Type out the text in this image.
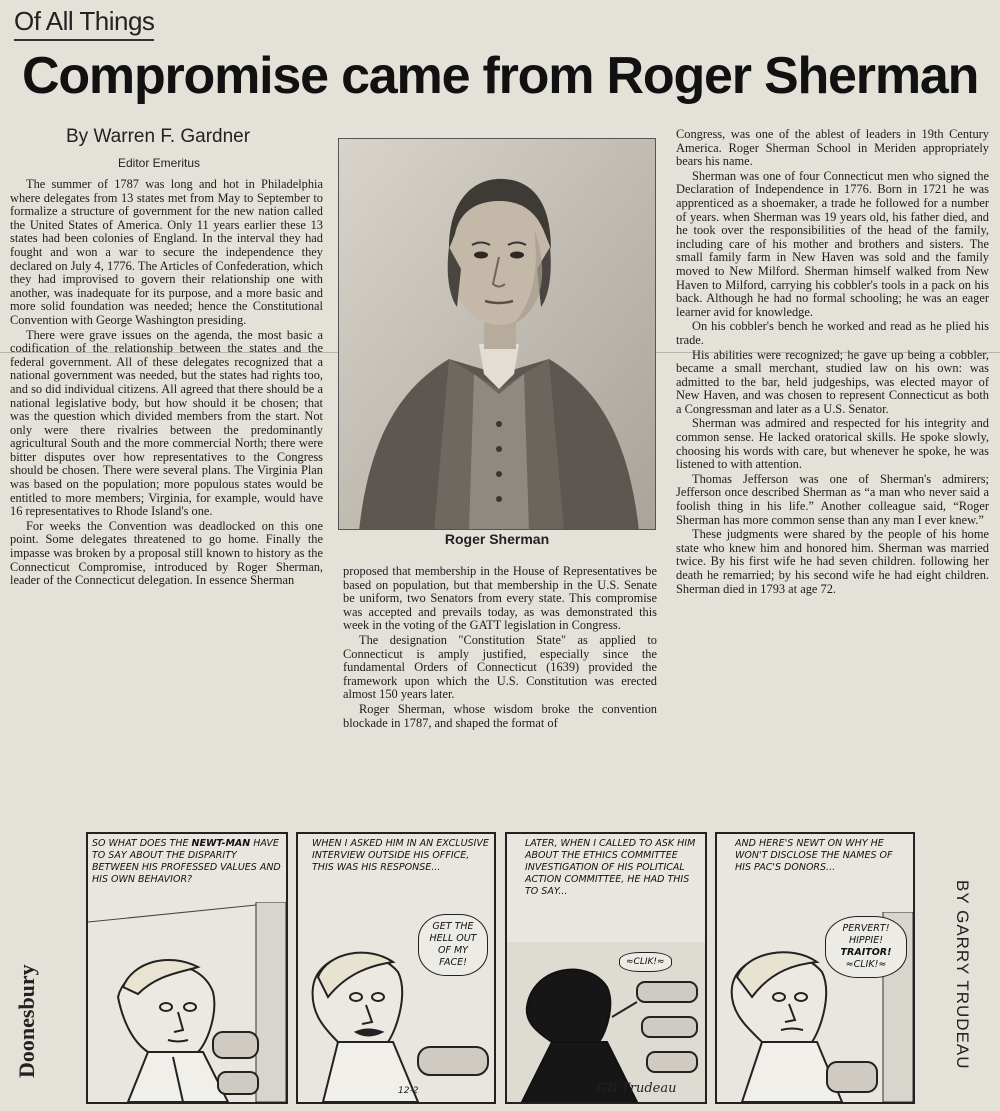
Of All Things
Compromise came from Roger Sherman
By Warren F. Gardner
Editor Emeritus

The summer of 1787 was long and hot in Philadelphia where delegates from 13 states met from May to September to formalize a structure of government for the new nation called the United States of America. Only 11 years earlier these 13 states had been colonies of England. In the interval they had fought and won a war to secure the independence they declared on July 4, 1776. The Articles of Confederation, which they had improvised to govern their relationship one with another, was inadequate for its purpose, and a more basic and more solid foundation was needed; hence the Constitutional Convention with George Washington presiding.

There were grave issues on the agenda, the most basic a codification of the relationship between the states and the federal government. All of these delegates recognized that a national government was needed, but the states had rights too, and so did individual citizens. All agreed that there should be a national legislative body, but how should it be chosen; that was the question which divided members from the start. Not only were there rivalries between the predominantly agricultural South and the more commercial North; there were bitter disputes over how representatives to the Congress should be chosen. There were several plans. The Virginia Plan was based on the population; more populous states would be entitled to more members; Virginia, for example, would have 16 representatives to Rhode Island's one.

For weeks the Convention was deadlocked on this one point. Some delegates threatened to go home. Finally the impasse was broken by a proposal still known to history as the Connecticut Compromise, introduced by Roger Sherman, leader of the Connecticut delegation. In essence Sherman

Roger Sherman

proposed that membership in the House of Representatives be based on population, but that membership in the U.S. Senate be uniform, two Senators from every state. This compromise was accepted and prevails today, as was demonstrated this week in the voting of the GATT legislation in Congress.

The designation "Constitution State" as applied to Connecticut is amply justified, especially since the fundamental Orders of Connecticut (1639) provided the framework upon which the U.S. Constitution was erected almost 150 years later.

Roger Sherman, whose wisdom broke the convention blockade in 1787, and shaped the format of

Congress, was one of the ablest of leaders in 19th Century America. Roger Sherman School in Meriden appropriately bears his name.

Sherman was one of four Connecticut men who signed the Declaration of Independence in 1776. Born in 1721 he was apprenticed as a shoemaker, a trade he followed for a number of years. when Sherman was 19 years old, his father died, and he took over the responsibilities of the head of the family, including care of his mother and brothers and sisters. The small family farm in New Haven was sold and the family moved to New Milford. Sherman himself walked from New Haven to Milford, carrying his cobbler's tools in a pack on his back. Although he had no formal schooling; he was an eager learner avid for knowledge.

On his cobbler's bench he worked and read as he plied his trade.

His abilities were recognized; he gave up being a cobbler, became a small merchant, studied law on his own: was admitted to the bar, held judgeships, was elected mayor of New Haven, and was chosen to represent Connecticut as both a Congressman and later as a U.S. Senator.

Sherman was admired and respected for his integrity and common sense. He lacked oratorical skills. He spoke slowly, choosing his words with care, but whenever he spoke, he was listened to with attention.

Thomas Jefferson was one of Sherman's admirers; Jefferson once described Sherman as “a man who never said a foolish thing in his life.” Another colleague said, “Roger Sherman has more common sense than any man I ever knew.”

These judgments were shared by the people of his home state who knew him and honored him. Sherman was married twice. By his first wife he had seven children. following her death he remarried; by his second wife he had eight children. Sherman died in 1793 at age 72.

Doonesbury	BY GARRY TRUDEAU
SO WHAT DOES THE NEWT-MAN HAVE TO SAY ABOUT THE DISPARITY BETWEEN HIS PROFESSED VALUES AND HIS OWN BEHAVIOR?
WHEN I ASKED HIM IN AN EXCLUSIVE INTERVIEW OUTSIDE HIS OFFICE, THIS WAS HIS RESPONSE...
GET THE HELL OUT OF MY FACE!
12-2
LATER, WHEN I CALLED TO ASK HIM ABOUT THE ETHICS COMMITTEE INVESTIGATION OF HIS POLITICAL ACTION COMMITTEE, HE HAD THIS TO SAY...
≈CLIK!≈
GB Trudeau
AND HERE'S NEWT ON WHY HE WON'T DISCLOSE THE NAMES OF HIS PAC'S DONORS...
PERVERT!
HIPPIE!
TRAITOR!
≈CLIK!≈
